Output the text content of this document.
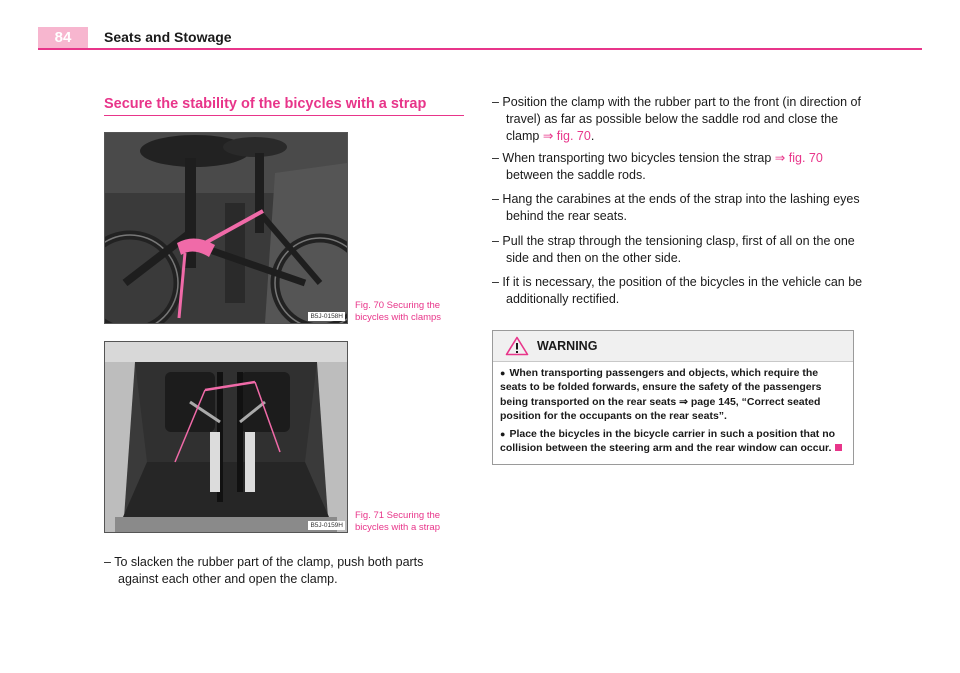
84	Seats and Stowage
Secure the stability of the bicycles with a strap
B5J-0158H
Fig. 70 Securing the
bicycles with clamps
B5J-0159H
Fig. 71 Securing the
bicycles with a strap
– To slacken the rubber part of the clamp, push both parts against each other and open the clamp.
– Position the clamp with the rubber part to the front (in direction of travel) as far as possible below the saddle rod and close the clamp ⇒ fig. 70.
– When transporting two bicycles tension the strap ⇒ fig. 70 between the saddle rods.
– Hang the carabines at the ends of the strap into the lashing eyes behind the rear seats.
– Pull the strap through the tensioning clasp, first of all on the one side and then on the other side.
– If it is necessary, the position of the bicycles in the vehicle can be additionally rectified.
WARNING

● When transporting passengers and objects, which require the seats to be folded forwards, ensure the safety of the passengers being transported on the rear seats ⇒ page 145, “Correct seated position for the occupants on the rear seats”.

● Place the bicycles in the bicycle carrier in such a position that no collision between the steering arm and the rear window can occur.
